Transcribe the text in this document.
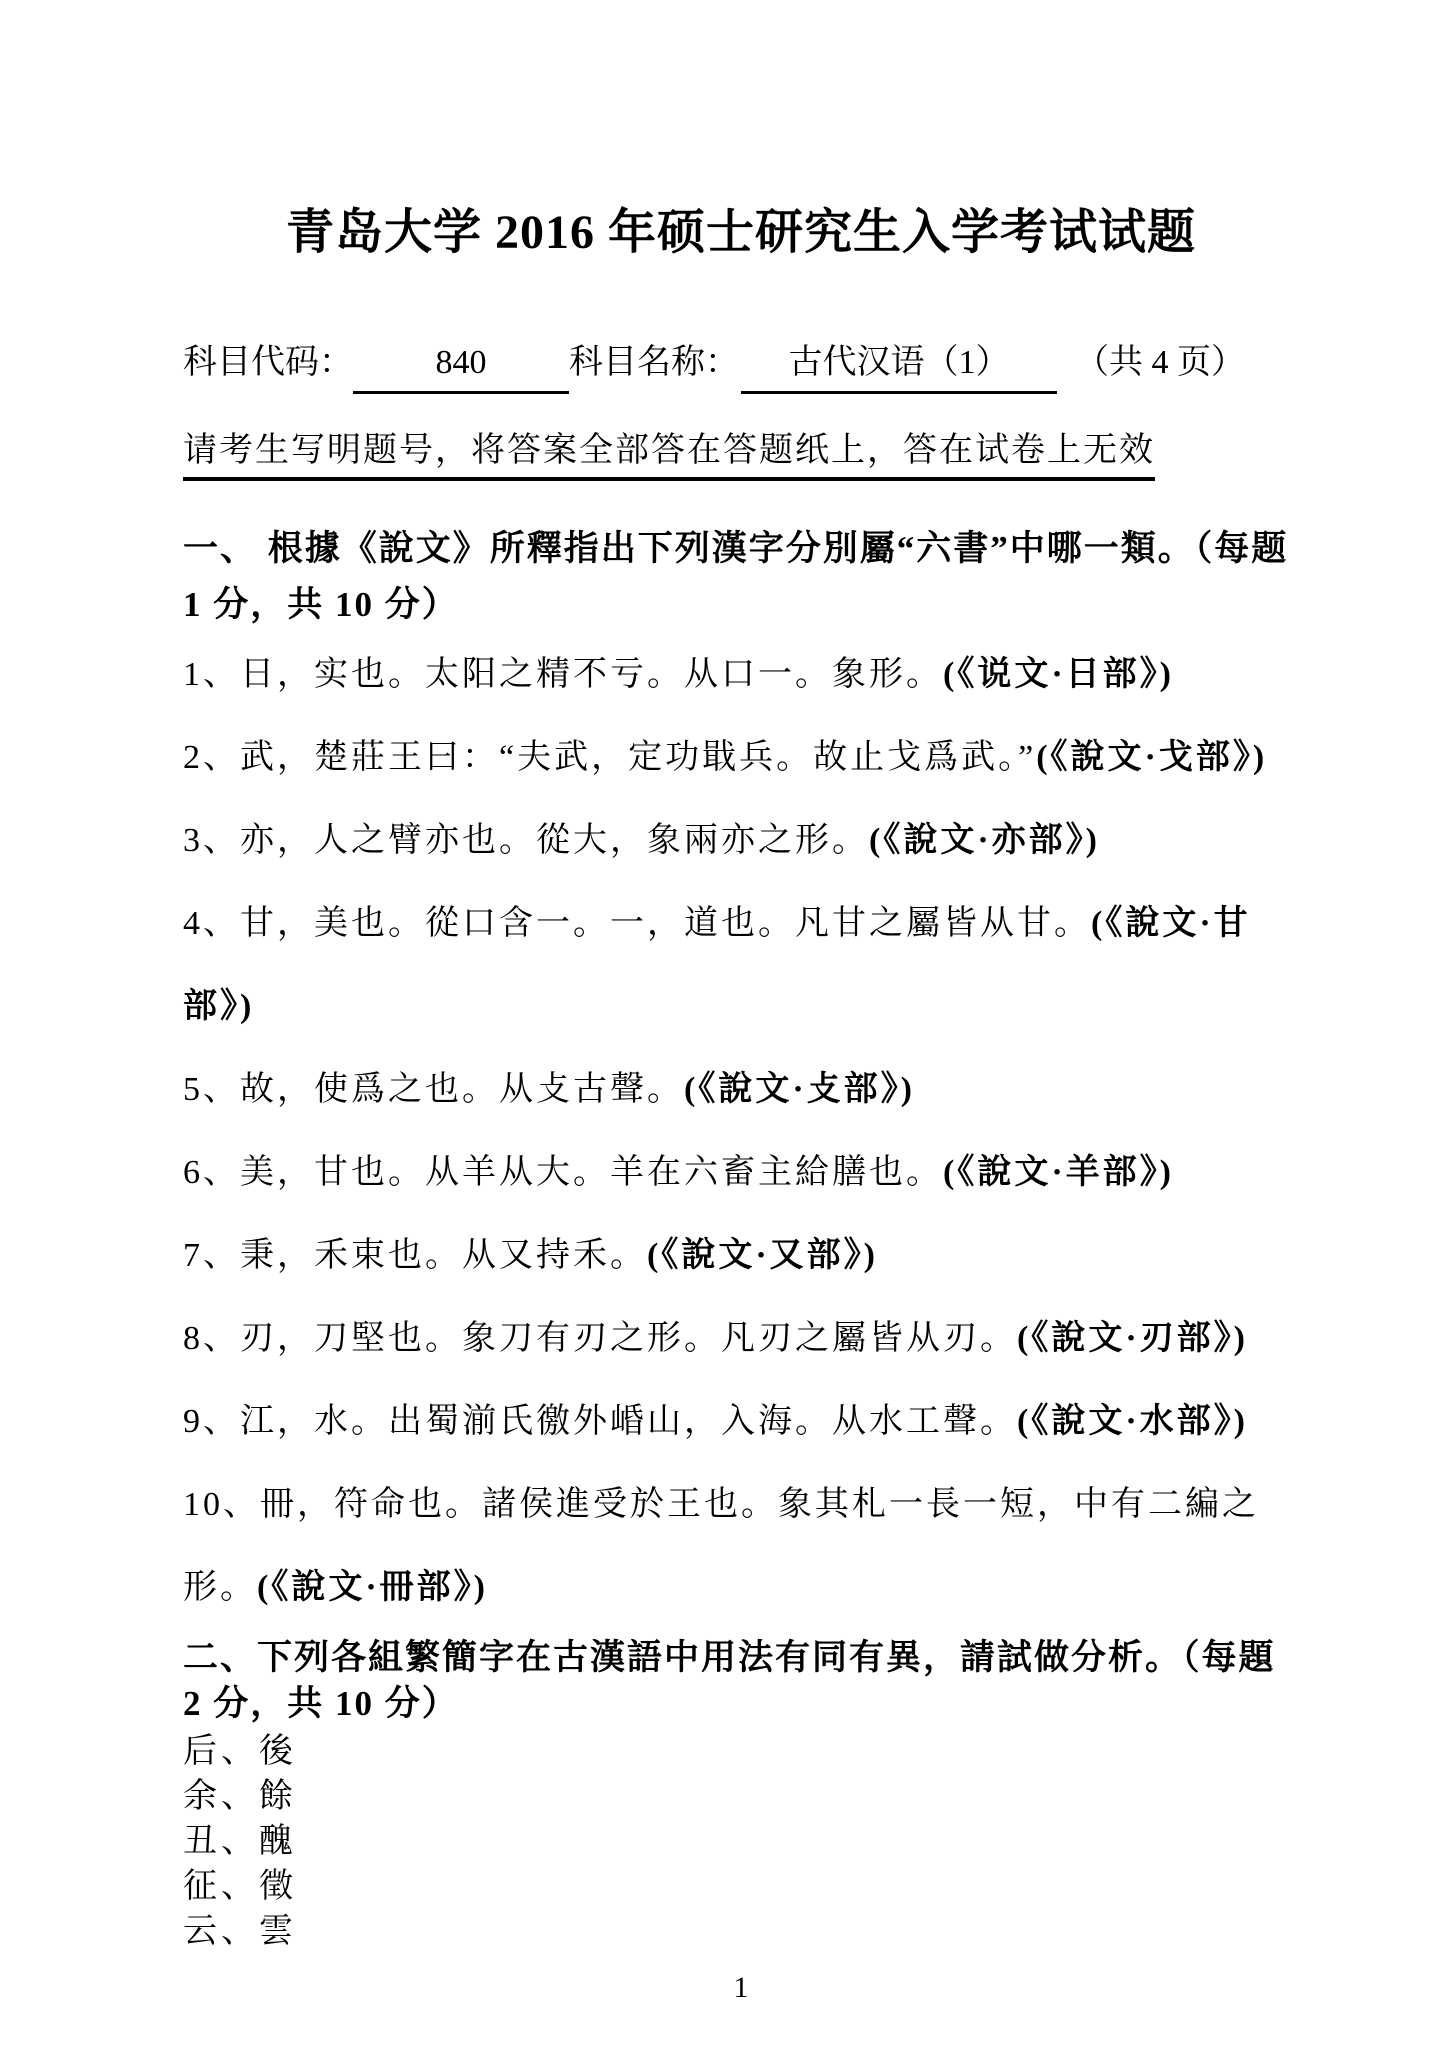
青岛大学 2016 年硕士研究生入学考试试题
科目代码：	840	科目名称：	古代汉语（1）	（共 4 页）
请考生写明题号，将答案全部答在答题纸上，答在试卷上无效
一、 根據《說文》所釋指出下列漢字分別屬“六書”中哪一類。（每题 1 分，共 10 分）
1、日，实也。太阳之精不亏。从口一。象形。(《说文·日部》)
2、武，楚莊王曰：“夫武，定功戢兵。故止戈爲武。”(《說文·戈部》)
3、亦，人之臂亦也。從大，象兩亦之形。(《說文·亦部》)
4、甘，美也。從口含一。一，道也。凡甘之屬皆从甘。(《說文·甘部》)
5、故，使爲之也。从攴古聲。(《說文·攴部》)
6、美，甘也。从羊从大。羊在六畜主給膳也。(《說文·羊部》)
7、秉，禾束也。从又持禾。(《說文·又部》)
8、刃，刀堅也。象刀有刃之形。凡刃之屬皆从刃。(《說文·刃部》)
9、江，水。出蜀湔氏徼外崏山，入海。从水工聲。(《說文·水部》)
10、冊，符命也。諸侯進受於王也。象其札一長一短，中有二編之形。(《說文·冊部》)
二、下列各組繁簡字在古漢語中用法有同有異，請試做分析。（每題 2 分，共 10 分）
后、後
余、餘
丑、醜
征、徵
云、雲
1
